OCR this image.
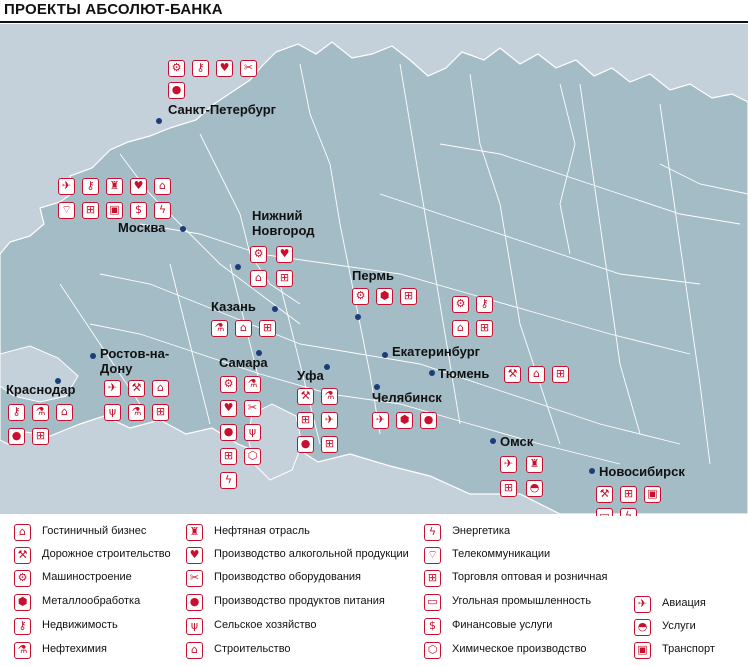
ПРОЕКТЫ АБСОЛЮТ-БАНКА
Санкт-Петербург
⚙	⚷	♥	✂
●
Москва
✈	⚷	♜	♥	⌂
⌔	⊞	▣	$	ϟ	Нижний Новгород
⚙	♥
⌂	⊞
Казань
⚗	⌂	⊞
Пермь
⚙	⬢	⊞
Ростов-на-Дону
✈	⚒	⌂
ψ	⚗	⊞
Краснодар
⚷	⚗	⌂
●	⊞
Самара
⚙	⚗
♥	✂
●	ψ
⊞	⬡
ϟ
Уфа
⚒	⚗
⊞	✈
●	⊞
Екатеринбург
⚙	⚷
⌂	⊞
Челябинск
✈	⬢	●
Тюмень	⚒	⌂	⊞
Омск
✈	♜
⊞	◓
Новосибирск
⚒	⊞	▣
⌂	Гостиничный бизнес
⚒	Дорожное строительство
⚙	Машиностроение
⬢	Металлообработка
⚷	Недвижимость
⚗	Нефтехимия
♜	Нефтяная отрасль
♥	Производство алкогольной продукции
✂	Производство оборудования
●	Производство продуктов питания
ψ	Сельское хозяйство
⌂	Строительство
ϟ	Энергетика
⌔	Телекоммуникации
⊞	Торговля оптовая и розничная
▭ Угольная промышленность
$	Финансовые услуги
⬡	Химическое производство
✈	Авиация
◓	Услуги
▣ Транспорт
